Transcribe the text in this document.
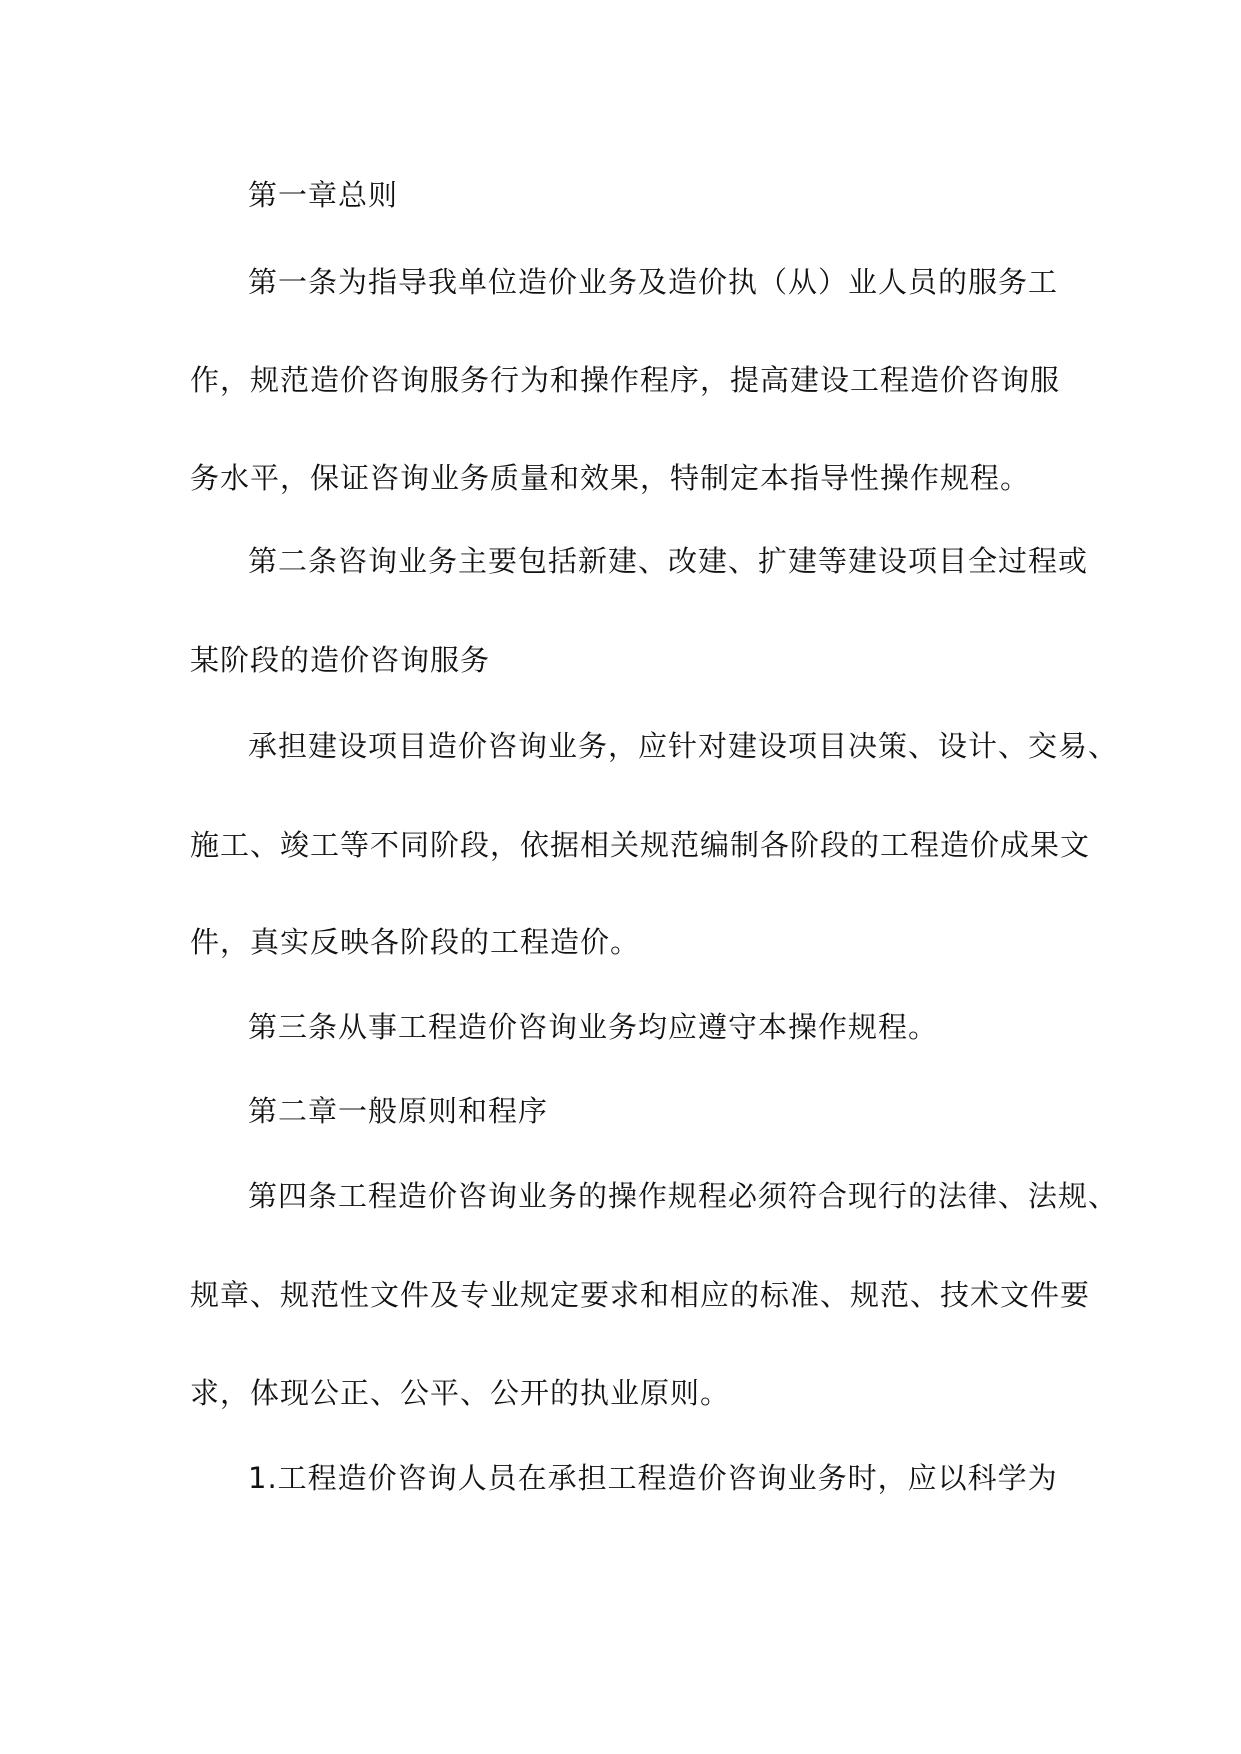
第一章总则
第一条为指导我单位造价业务及造价执（从）业人员的服务工
作，规范造价咨询服务行为和操作程序，提高建设工程造价咨询服
务水平，保证咨询业务质量和效果，特制定本指导性操作规程。
第二条咨询业务主要包括新建、改建、扩建等建设项目全过程或
某阶段的造价咨询服务
承担建设项目造价咨询业务，应针对建设项目决策、设计、交易、
施工、竣工等不同阶段，依据相关规范编制各阶段的工程造价成果文
件，真实反映各阶段的工程造价。
第三条从事工程造价咨询业务均应遵守本操作规程。
第二章一般原则和程序
第四条工程造价咨询业务的操作规程必须符合现行的法律、法规、
规章、规范性文件及专业规定要求和相应的标准、规范、技术文件要
求，体现公正、公平、公开的执业原则。
1.工程造价咨询人员在承担工程造价咨询业务时，应以科学为
